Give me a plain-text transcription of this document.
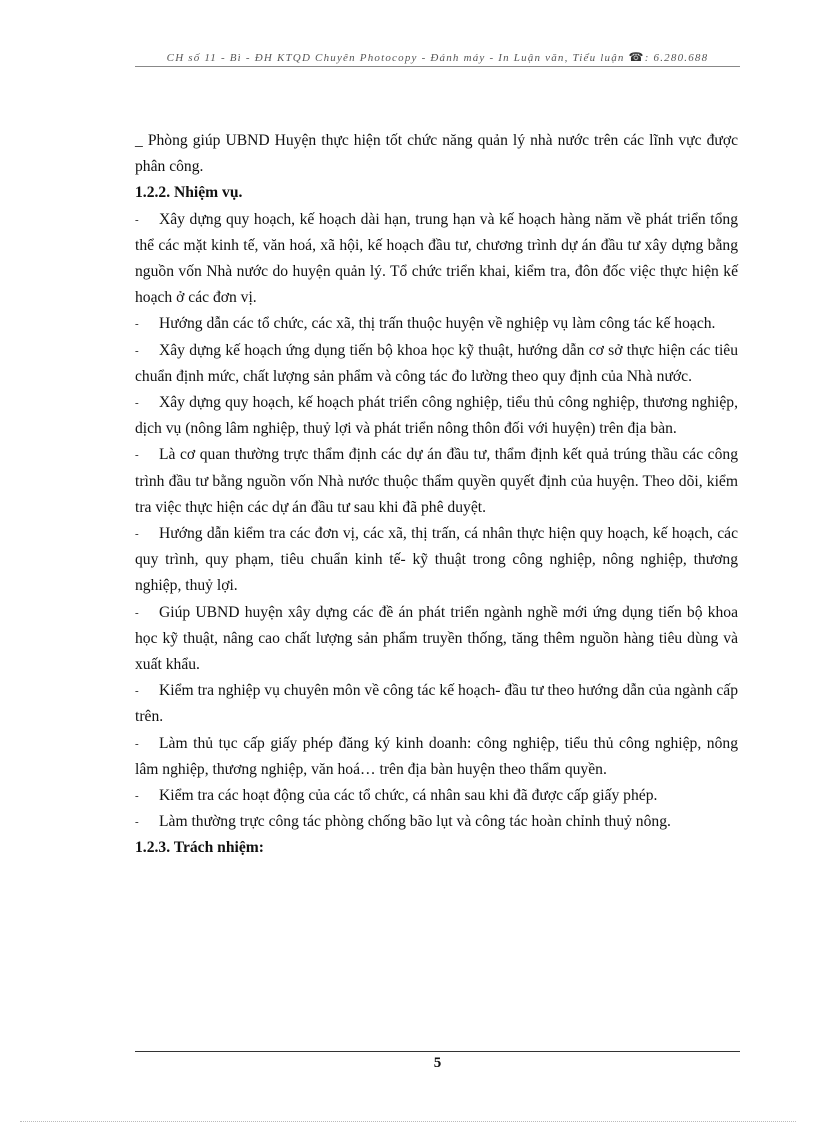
CH số 11 - Bì - ĐH KTQD Chuyên Photocopy - Đánh máy - In Luận văn, Tiểu luận ☎: 6.280.688

_ Phòng giúp UBND Huyện thực hiện tốt chức năng quản lý nhà nước trên các lĩnh vực được phân công.

1.2.2. Nhiệm vụ.

- Xây dựng quy hoạch, kế hoạch dài hạn, trung hạn và kế hoạch hàng năm về phát triển tổng thể các mặt kinh tế, văn hoá, xã hội, kế hoạch đầu tư, chương trình dự án đầu tư xây dựng bằng nguồn vốn Nhà nước do huyện quản lý. Tổ chức triển khai, kiểm tra, đôn đốc việc thực hiện kế hoạch ở các đơn vị.

- Hướng dẫn các tổ chức, các xã, thị trấn thuộc huyện về nghiệp vụ làm công tác kế hoạch.

- Xây dựng kế hoạch ứng dụng tiến bộ khoa học kỹ thuật, hướng dẫn cơ sở thực hiện các tiêu chuẩn định mức, chất lượng sản phẩm và công tác đo lường theo quy định của Nhà nước.

- Xây dựng quy hoạch, kế hoạch phát triển công nghiệp, tiểu thủ công nghiệp, thương nghiệp, dịch vụ (nông lâm nghiệp, thuỷ lợi và phát triển nông thôn đối với huyện) trên địa bàn.

- Là cơ quan thường trực thẩm định các dự án đầu tư, thẩm định kết quả trúng thầu các công trình đầu tư bằng nguồn vốn Nhà nước thuộc thẩm quyền quyết định của huyện. Theo dõi, kiểm tra việc thực hiện các dự án đầu tư sau khi đã phê duyệt.

- Hướng dẫn kiểm tra các đơn vị, các xã, thị trấn, cá nhân thực hiện quy hoạch, kế hoạch, các quy trình, quy phạm, tiêu chuẩn kinh tế- kỹ thuật trong công nghiệp, nông nghiệp, thương nghiệp, thuỷ lợi.

- Giúp UBND huyện xây dựng các đề án phát triển ngành nghề mới ứng dụng tiến bộ khoa học kỹ thuật, nâng cao chất lượng sản phẩm truyền thống, tăng thêm nguồn hàng tiêu dùng và xuất khẩu.

- Kiểm tra nghiệp vụ chuyên môn về công tác kế hoạch- đầu tư theo hướng dẫn của ngành cấp trên.

- Làm thủ tục cấp giấy phép đăng ký kinh doanh: công nghiệp, tiểu thủ công nghiệp, nông lâm nghiệp, thương nghiệp, văn hoá… trên địa bàn huyện theo thẩm quyền.

- Kiểm tra các hoạt động của các tổ chức, cá nhân sau khi đã được cấp giấy phép.

- Làm thường trực công tác phòng chống bão lụt và công tác hoàn chỉnh thuỷ nông.

1.2.3. Trách nhiệm:

5
